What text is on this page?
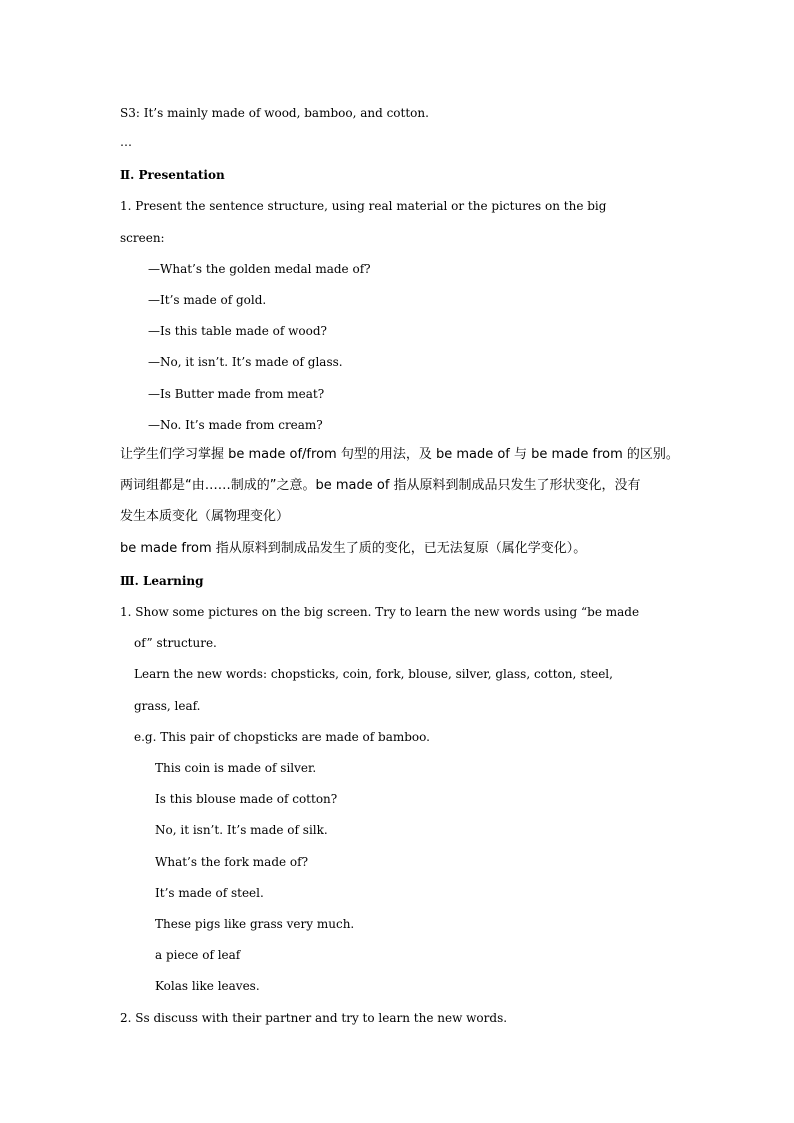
S3: It’s mainly made of wood, bamboo, and cotton.
…
Ⅱ. Presentation
1. Present the sentence structure, using real material or the pictures on the big
screen:
—What’s the golden medal made of?
—It’s made of gold.
—Is this table made of wood?
—No, it isn’t. It’s made of glass.
—Is Butter made from meat?
—No. It’s made from cream?
让学生们学习掌握 be made of/from 句型的用法，及 be made of 与 be made from 的区别。
两词组都是“由……制成的”之意。be made of 指从原料到制成品只发生了形状变化，没有
发生本质变化（属物理变化）
be made from 指从原料到制成品发生了质的变化，已无法复原（属化学变化）。
Ⅲ. Learning
1. Show some pictures on the big screen. Try to learn the new words using “be made
of” structure.
Learn the new words: chopsticks, coin, fork, blouse, silver, glass, cotton, steel,
grass, leaf.
e.g. This pair of chopsticks are made of bamboo.
This coin is made of silver.
Is this blouse made of cotton?
No, it isn’t. It’s made of silk.
What’s the fork made of?
It’s made of steel.
These pigs like grass very much.
a piece of leaf
Kolas like leaves.
2. Ss discuss with their partner and try to learn the new words.
